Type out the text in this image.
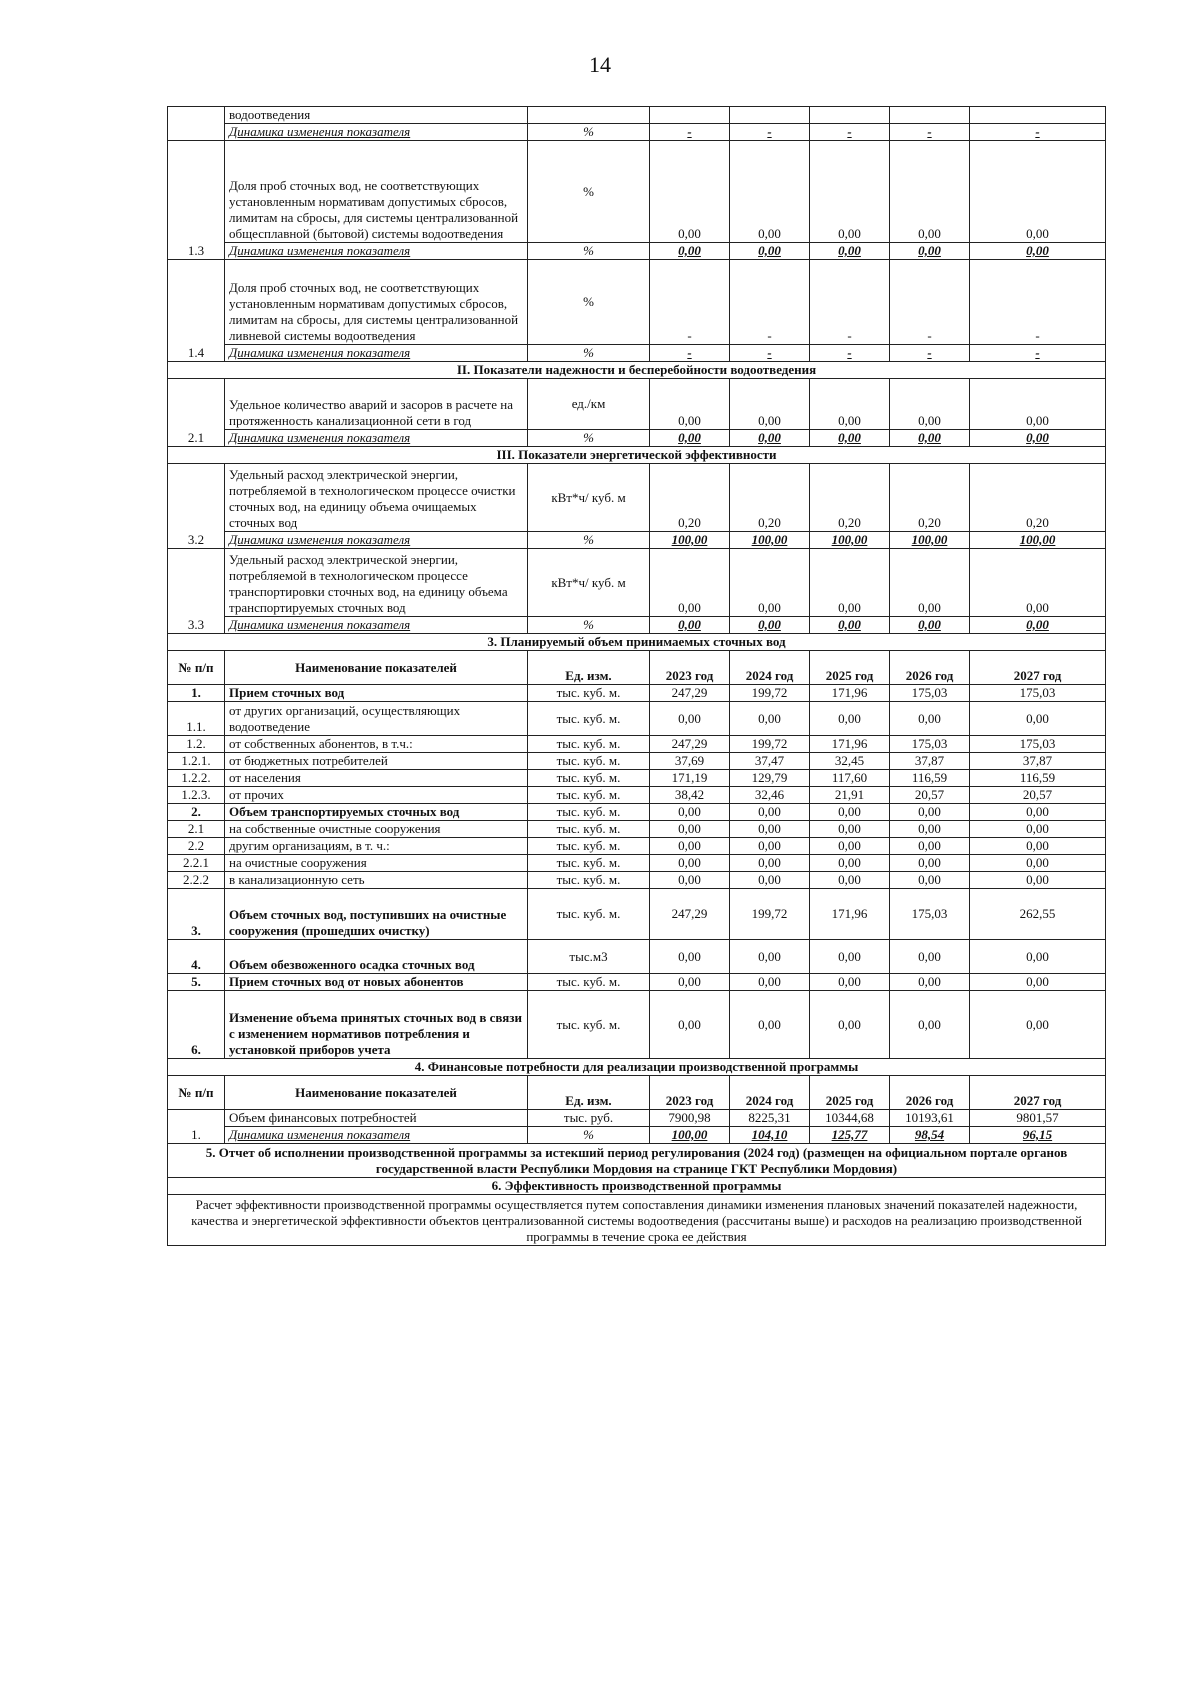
14
	водоотведения						
	Динамика изменения показателя	%	-	-	-	-	-
1.3	Доля проб сточных вод, не соответствующих установленным нормативам допустимых сбросов, лимитам на сбросы, для системы централизованной общесплавной (бытовой) системы водоотведения	%	0,00	0,00	0,00	0,00	0,00
	Динамика изменения показателя	%	0,00	0,00	0,00	0,00	0,00
1.4	Доля проб сточных вод, не соответствующих установленным нормативам допустимых сбросов, лимитам на сбросы, для системы централизованной ливневой системы водоотведения	%	-	-	-	-	-
	Динамика изменения показателя	%	-	-	-	-	-
II. Показатели надежности и бесперебойности водоотведения							
2.1	Удельное количество аварий и засоров в расчете на протяженность канализационной сети в год	ед./км	0,00	0,00	0,00	0,00	0,00
	Динамика изменения показателя	%	0,00	0,00	0,00	0,00	0,00
III. Показатели энергетической эффективности							
3.2	Удельный расход электрической энергии, потребляемой в технологическом процессе очистки сточных вод, на единицу объема очищаемых сточных вод	кВт*ч/ куб. м	0,20	0,20	0,20	0,20	0,20
	Динамика изменения показателя	%	100,00	100,00	100,00	100,00	100,00
3.3	Удельный расход электрической энергии, потребляемой в технологическом процессе транспортировки сточных вод, на единицу объема транспортируемых сточных вод	кВт*ч/ куб. м	0,00	0,00	0,00	0,00	0,00
	Динамика изменения показателя	%	0,00	0,00	0,00	0,00	0,00
3. Планируемый объем принимаемых сточных вод							
№ п/п	Наименование показателей	Ед. изм.	2023 год	2024 год	2025 год	2026 год	2027 год
1.	Прием сточных вод	тыс. куб. м.	247,29	199,72	171,96	175,03	175,03
1.1.	от других организаций, осуществляющих водоотведение	тыс. куб. м.	0,00	0,00	0,00	0,00	0,00
1.2.	от собственных абонентов, в т.ч.:	тыс. куб. м.	247,29	199,72	171,96	175,03	175,03
1.2.1.	от бюджетных потребителей	тыс. куб. м.	37,69	37,47	32,45	37,87	37,87
1.2.2.	от населения	тыс. куб. м.	171,19	129,79	117,60	116,59	116,59
1.2.3.	от прочих	тыс. куб. м.	38,42	32,46	21,91	20,57	20,57
2.	Объем транспортируемых сточных вод	тыс. куб. м.	0,00	0,00	0,00	0,00	0,00
2.1	на собственные очистные сооружения	тыс. куб. м.	0,00	0,00	0,00	0,00	0,00
2.2	другим организациям, в т. ч.:	тыс. куб. м.	0,00	0,00	0,00	0,00	0,00
2.2.1	на очистные сооружения	тыс. куб. м.	0,00	0,00	0,00	0,00	0,00
2.2.2	в канализационную сеть	тыс. куб. м.	0,00	0,00	0,00	0,00	0,00
3.	Объем сточных вод, поступивших на очистные сооружения (прошедших очистку)	тыс. куб. м.	247,29	199,72	171,96	175,03	262,55
4.	Объем обезвоженного осадка сточных вод	тыс.м3	0,00	0,00	0,00	0,00	0,00
5.	Прием сточных вод от новых абонентов	тыс. куб. м.	0,00	0,00	0,00	0,00	0,00
6.	Изменение объема принятых сточных вод в связи с изменением нормативов потребления и установкой приборов учета	тыс. куб. м.	0,00	0,00	0,00	0,00	0,00
4. Финансовые потребности для реализации производственной программы							
№ п/п	Наименование показателей	Ед. изм.	2023 год	2024 год	2025 год	2026 год	2027 год
1.	Объем финансовых потребностей	тыс. руб.	7900,98	8225,31	10344,68	10193,61	9801,57
	Динамика изменения показателя	%	100,00	104,10	125,77	98,54	96,15
5. Отчет об исполнении производственной программы за истекший период регулирования (2024 год) (размещен на официальном портале органов государственной власти Республики Мордовия на странице ГКТ Республики Мордовия)							
6. Эффективность производственной программы							
Расчет эффективности производственной программы осуществляется путем сопоставления динамики изменения плановых значений показателей надежности, качества и энергетической эффективности объектов централизованной системы водоотведения (рассчитаны выше) и расходов на реализацию производственной программы в течение срока ее действия							
